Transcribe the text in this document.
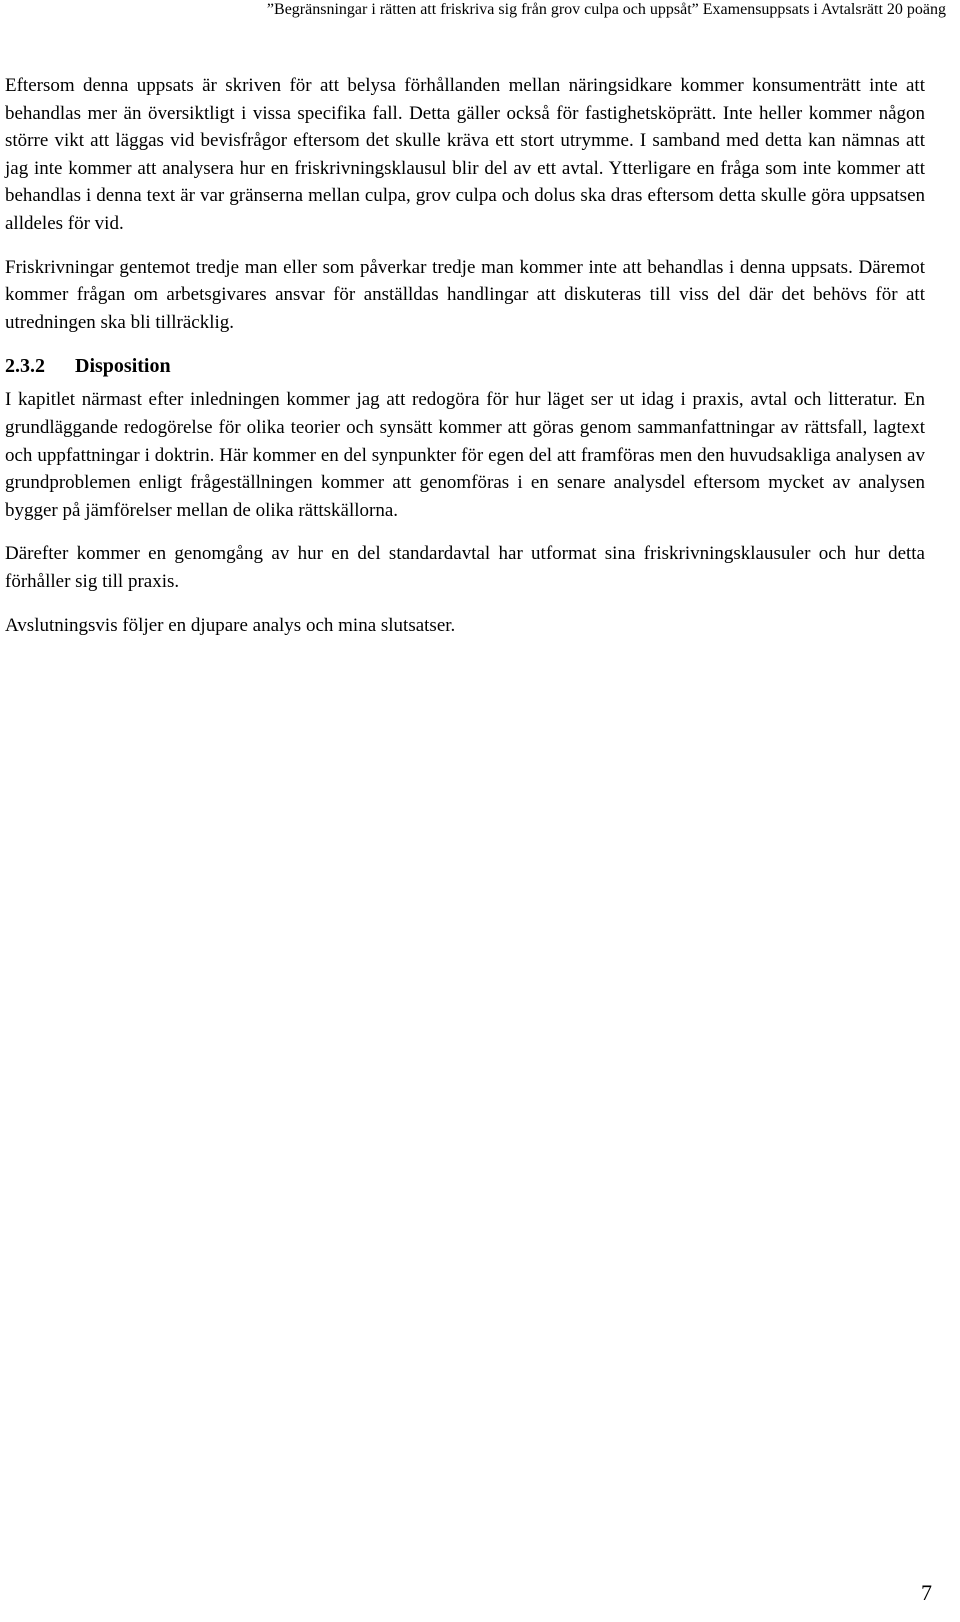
”Begränsningar i rätten att friskriva sig från grov culpa och uppsåt” Examensuppsats i Avtalsrätt 20 poäng

Eftersom denna uppsats är skriven för att belysa förhållanden mellan näringsidkare kommer konsumenträtt inte att behandlas mer än översiktligt i vissa specifika fall. Detta gäller också för fastighetsköprätt. Inte heller kommer någon större vikt att läggas vid bevisfrågor eftersom det skulle kräva ett stort utrymme. I samband med detta kan nämnas att jag inte kommer att analysera hur en friskrivningsklausul blir del av ett avtal. Ytterligare en fråga som inte kommer att behandlas i denna text är var gränserna mellan culpa, grov culpa och dolus ska dras eftersom detta skulle göra uppsatsen alldeles för vid.

Friskrivningar gentemot tredje man eller som påverkar tredje man kommer inte att behandlas i denna uppsats. Däremot kommer frågan om arbetsgivares ansvar för anställdas handlingar att diskuteras till viss del där det behövs för att utredningen ska bli tillräcklig.

2.3.2 Disposition

I kapitlet närmast efter inledningen kommer jag att redogöra för hur läget ser ut idag i praxis, avtal och litteratur. En grundläggande redogörelse för olika teorier och synsätt kommer att göras genom sammanfattningar av rättsfall, lagtext och uppfattningar i doktrin. Här kommer en del synpunkter för egen del att framföras men den huvudsakliga analysen av grundproblemen enligt frågeställningen kommer att genomföras i en senare analysdel eftersom mycket av analysen bygger på jämförelser mellan de olika rättskällorna.

Därefter kommer en genomgång av hur en del standardavtal har utformat sina friskrivningsklausuler och hur detta förhåller sig till praxis.

Avslutningsvis följer en djupare analys och mina slutsatser.

7
